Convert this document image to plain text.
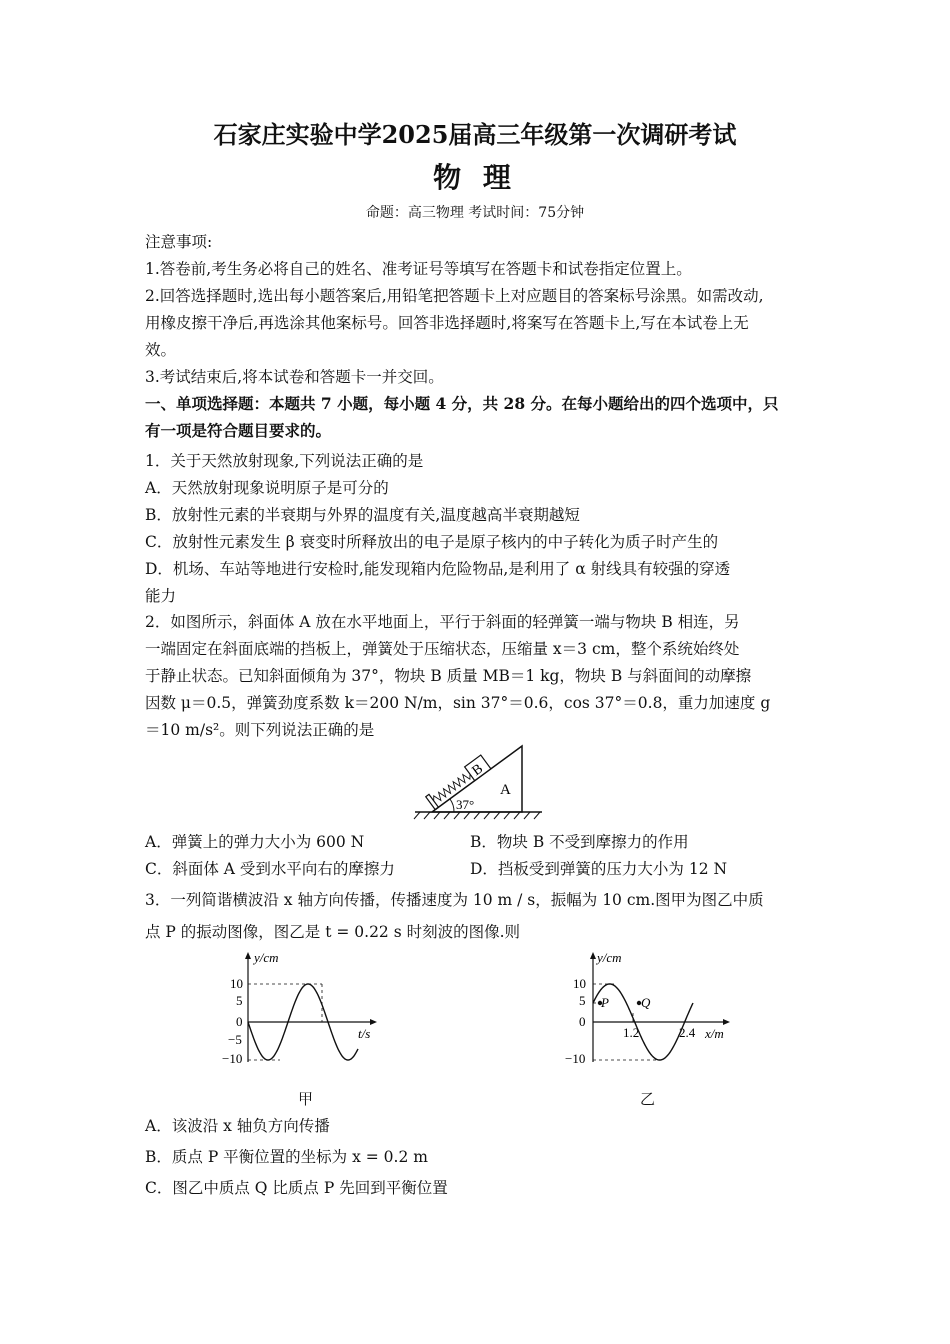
石家庄实验中学2025届高三年级第一次调研考试
物 理
命题：高三物理 考试时间：75分钟
注意事项:
1.答卷前,考生务必将自己的姓名、准考证号等填写在答题卡和试卷指定位置上。
2.回答选择题时,选出每小题答案后,用铅笔把答题卡上对应题目的答案标号涂黑。如需改动,
用橡皮擦干净后,再选涂其他案标号。回答非选择题时,将案写在答题卡上,写在本试卷上无
效。
3.考试结束后,将本试卷和答题卡一并交回。
一、单项选择题：本题共 7 小题，每小题 4 分，共 28 分。在每小题给出的四个选项中，只
有一项是符合题目要求的。
1．关于天然放射现象,下列说法正确的是
A．天然放射现象说明原子是可分的
B．放射性元素的半衰期与外界的温度有关,温度越高半衰期越短
C．放射性元素发生 β 衰变时所释放出的电子是原子核内的中子转化为质子时产生的
D．机场、车站等地进行安检时,能发现箱内危险物品,是利用了 α 射线具有较强的穿透
能力
2．如图所示，斜面体 A 放在水平地面上，平行于斜面的轻弹簧一端与物块 B 相连，另
一端固定在斜面底端的挡板上，弹簧处于压缩状态，压缩量 x＝3 cm，整个系统始终处
于静止状态。已知斜面倾角为 37°，物块 B 质量 MB＝1 kg，物块 B 与斜面间的动摩擦
因数 μ＝0.5，弹簧劲度系数 k＝200 N/m，sin 37°＝0.6，cos 37°＝0.8，重力加速度 g
＝10 m/s²。则下列说法正确的是
B
A
37°
A．弹簧上的弹力大小为 600 N	B．物块 B 不受到摩擦力的作用
C．斜面体 A 受到水平向右的摩擦力	D．挡板受到弹簧的压力大小为 12 N
3．一列简谐横波沿 x 轴方向传播，传播速度为 10 m / s，振幅为 10 cm.图甲为图乙中质
点 P 的振动图像，图乙是 t = 0.22 s 时刻波的图像.则
y/cm
t/s
10
5
0
−5
−10
甲
y/cm
x/m
10
5
0
−10
1.2	2.4
P Q
乙
A．该波沿 x 轴负方向传播
B．质点 P 平衡位置的坐标为 x = 0.2 m
C．图乙中质点 Q 比质点 P 先回到平衡位置
